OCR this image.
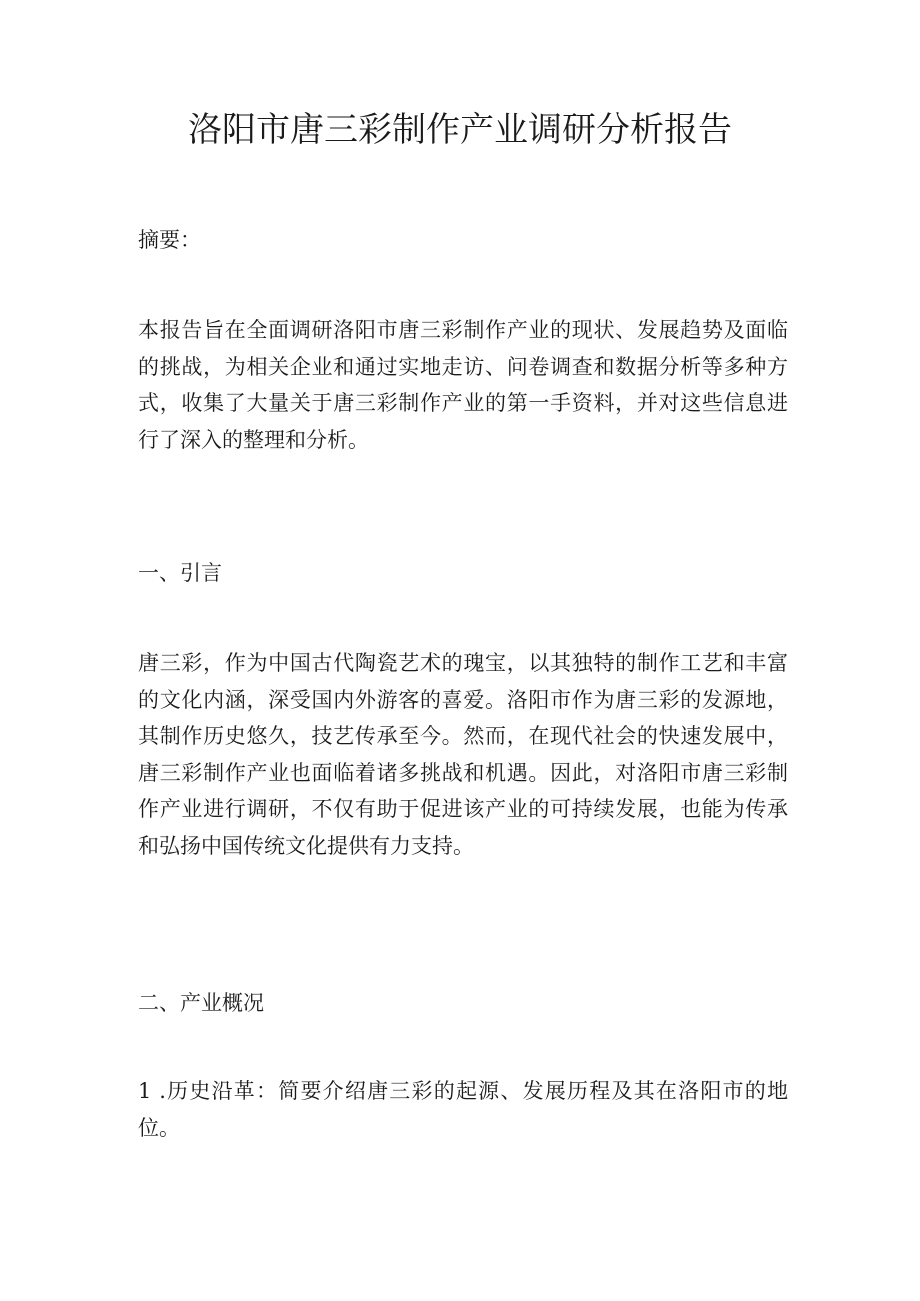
洛阳市唐三彩制作产业调研分析报告

摘要：

本报告旨在全面调研洛阳市唐三彩制作产业的现状、发展趋势及面临的挑战，为相关企业和通过实地走访、问卷调查和数据分析等多种方式，收集了大量关于唐三彩制作产业的第一手资料，并对这些信息进行了深入的整理和分析。

一、引言

唐三彩，作为中国古代陶瓷艺术的瑰宝，以其独特的制作工艺和丰富的文化内涵，深受国内外游客的喜爱。洛阳市作为唐三彩的发源地，其制作历史悠久，技艺传承至今。然而，在现代社会的快速发展中，唐三彩制作产业也面临着诸多挑战和机遇。因此，对洛阳市唐三彩制作产业进行调研，不仅有助于促进该产业的可持续发展，也能为传承和弘扬中国传统文化提供有力支持。

二、产业概况

1 .历史沿革：简要介绍唐三彩的起源、发展历程及其在洛阳市的地位。
